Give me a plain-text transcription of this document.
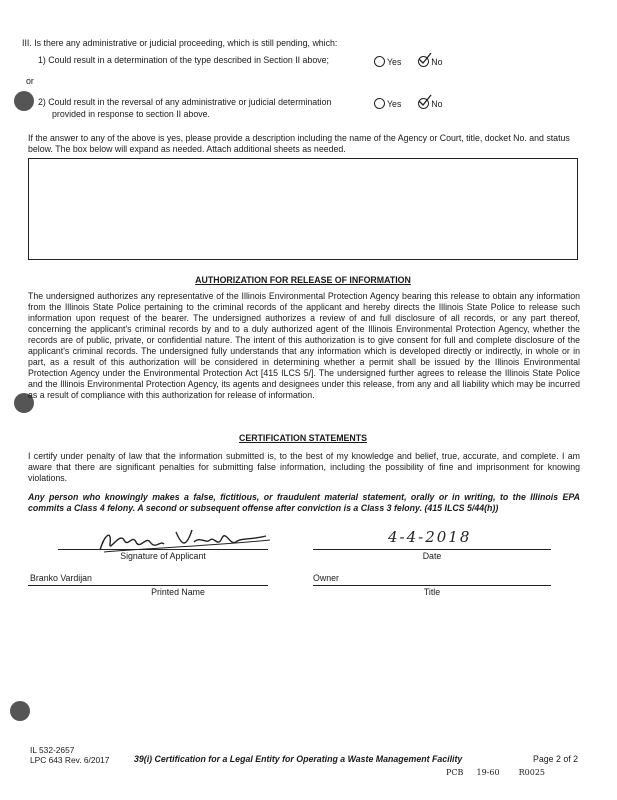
III. Is there any administrative or judicial proceeding, which is still pending, which:
1) Could result in a determination of the type described in Section II above;	Yes	No
or
2) Could result in the reversal of any administrative or judicial determination
provided in response to section II above.
Yes	No
If the answer to any of the above is yes, please provide a description including the name of the Agency or Court, title, docket No. and status below. The box below will expand as needed. Attach additional sheets as needed.
AUTHORIZATION FOR RELEASE OF INFORMATION
The undersigned authorizes any representative of the Illinois Environmental Protection Agency bearing this release to obtain any information from the Illinois State Police pertaining to the criminal records of the applicant and hereby directs the Illinois State Police to release such information upon request of the bearer. The undersigned authorizes a review of and full disclosure of all records, or any part thereof, concerning the applicant's criminal records by and to a duly authorized agent of the Illinois Environmental Protection Agency, whether the records are of public, private, or confidential nature. The intent of this authorization is to give consent for full and complete disclosure of the applicant's criminal records. The undersigned fully understands that any information which is developed directly or indirectly, in whole or in part, as a result of this authorization will be considered in determining whether a permit shall be issued by the Illinois Environmental Protection Agency under the Environmental Protection Act [415 ILCS 5/]. The undersigned further agrees to release the Illinois State Police and the Illinois Environmental Protection Agency, its agents and designees under this release, from any and all liability which may be incurred as a result of compliance with this authorization for release of information.
CERTIFICATION STATEMENTS
I certify under penalty of law that the information submitted is, to the best of my knowledge and belief, true, accurate, and complete. I am aware that there are significant penalties for submitting false information, including the possibility of fine and imprisonment for knowing violations.
Any person who knowingly makes a false, fictitious, or fraudulent material statement, orally or in writing, to the Illinois EPA commits a Class 4 felony. A second or subsequent offense after conviction is a Class 3 felony. (415 ILCS 5/44(h))
Signature of Applicant
4-4-2018
Date
Branko Vardijan
Printed Name
Owner
Title
IL 532-2657
LPC 643 Rev. 6/2017	39(i) Certification for a Legal Entity for Operating a Waste Management Facility	Page 2 of 2
PCB 19-60 R0025
